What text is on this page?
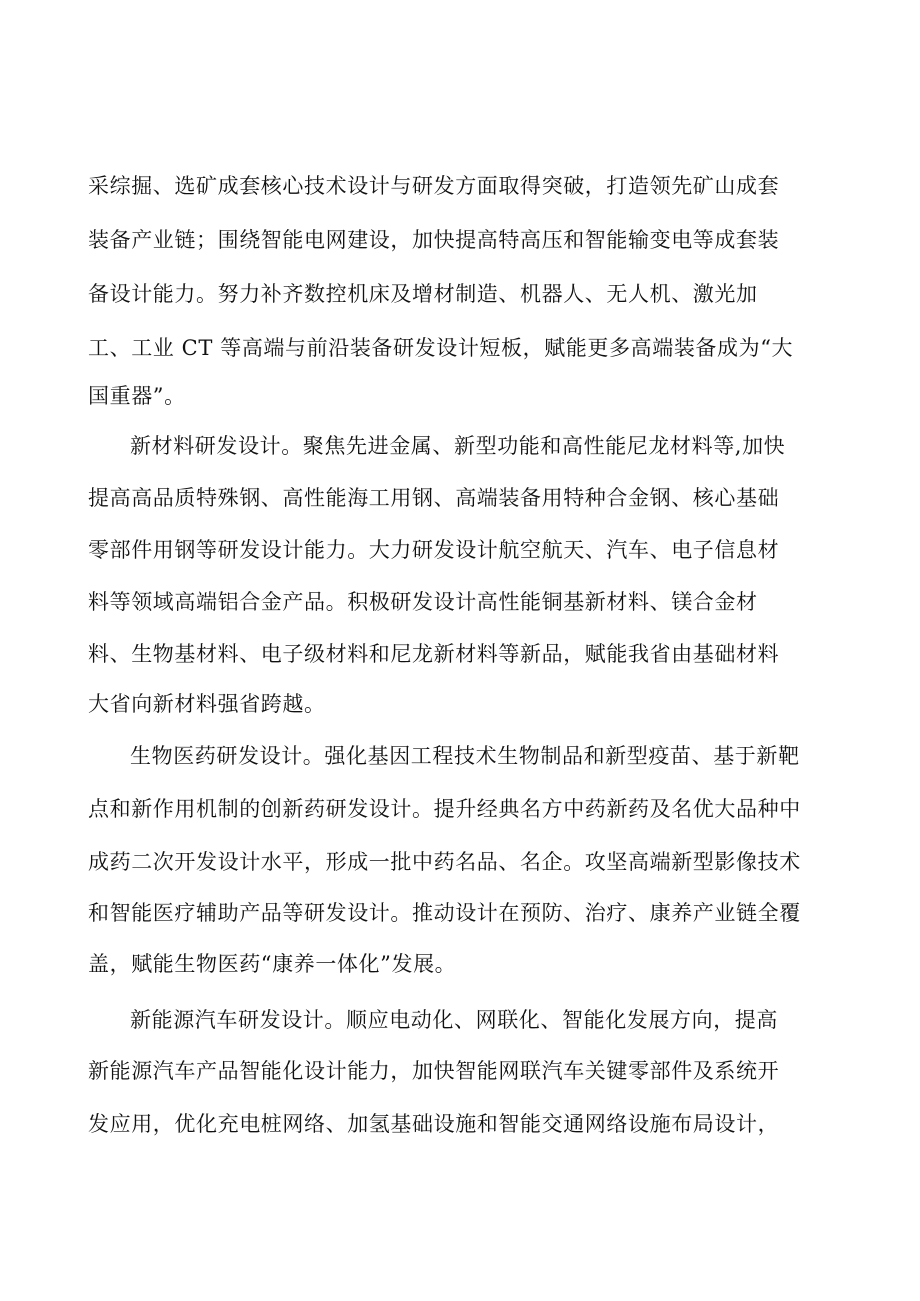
采综掘、选矿成套核心技术设计与研发方面取得突破，打造领先矿山成套
装备产业链；围绕智能电网建设，加快提高特高压和智能输变电等成套装
备设计能力。努力补齐数控机床及增材制造、机器人、无人机、激光加
工、工业 CT 等高端与前沿装备研发设计短板，赋能更多高端装备成为“大
国重器”。
新材料研发设计。聚焦先进金属、新型功能和高性能尼龙材料等,加快
提高高品质特殊钢、高性能海工用钢、高端装备用特种合金钢、核心基础
零部件用钢等研发设计能力。大力研发设计航空航天、汽车、电子信息材
料等领域高端铝合金产品。积极研发设计高性能铜基新材料、镁合金材
料、生物基材料、电子级材料和尼龙新材料等新品，赋能我省由基础材料
大省向新材料强省跨越。
生物医药研发设计。强化基因工程技术生物制品和新型疫苗、基于新靶
点和新作用机制的创新药研发设计。提升经典名方中药新药及名优大品种中
成药二次开发设计水平，形成一批中药名品、名企。攻坚高端新型影像技术
和智能医疗辅助产品等研发设计。推动设计在预防、治疗、康养产业链全覆
盖，赋能生物医药“康养一体化”发展。
新能源汽车研发设计。顺应电动化、网联化、智能化发展方向，提高
新能源汽车产品智能化设计能力，加快智能网联汽车关键零部件及系统开
发应用，优化充电桩网络、加氢基础设施和智能交通网络设施布局设计，
